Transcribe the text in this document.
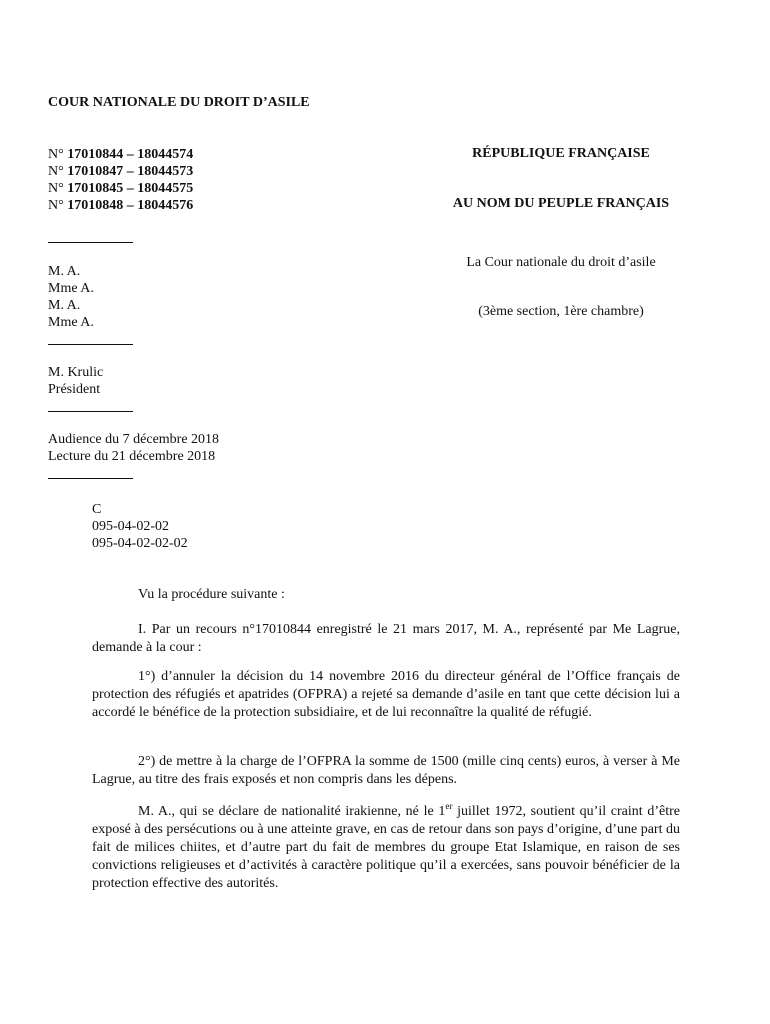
COUR NATIONALE DU DROIT D’ASILE
N° 17010844 – 18044574
N° 17010847 – 18044573
N° 17010845 – 18044575
N° 17010848 – 18044576
RÉPUBLIQUE FRANÇAISE
AU NOM DU PEUPLE FRANÇAIS
La Cour nationale du droit d’asile
(3ème section, 1ère chambre)
M. A.
Mme A.
M. A.
Mme A.
M. Krulic
Président
Audience du 7 décembre 2018
Lecture du 21 décembre 2018
C
095-04-02-02
095-04-02-02-02
Vu la procédure suivante :
I. Par un recours n°17010844 enregistré le 21 mars 2017, M. A., représenté par Me Lagrue, demande à la cour :
1°) d’annuler la décision du 14 novembre 2016 du directeur général de l’Office français de protection des réfugiés et apatrides (OFPRA) a rejeté sa demande d’asile en tant que cette décision lui a accordé le bénéfice de la protection subsidiaire, et de lui reconnaître la qualité de réfugié.
2°) de mettre à la charge de l’OFPRA la somme de 1500 (mille cinq cents) euros, à verser à Me Lagrue, au titre des frais exposés et non compris dans les dépens.
M. A., qui se déclare de nationalité irakienne, né le 1er juillet 1972, soutient qu’il craint d’être exposé à des persécutions ou à une atteinte grave, en cas de retour dans son pays d’origine, d’une part du fait de milices chiites, et d’autre part du fait de membres du groupe Etat Islamique, en raison de ses convictions religieuses et d’activités à caractère politique qu’il a exercées, sans pouvoir bénéficier de la protection effective des autorités.
